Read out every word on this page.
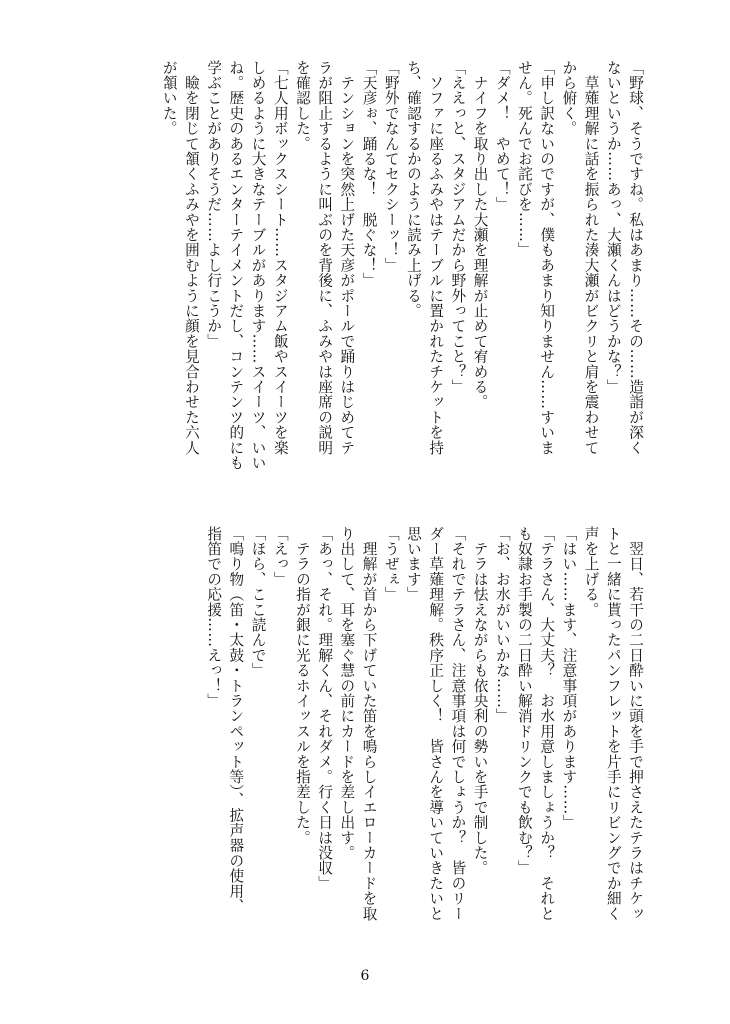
「野球、そうですね。私はあまり……その……造詣が深く
ないというか……あっ、大瀬くんはどうかな？」
　草薙理解に話を振られた湊大瀬がビクリと肩を震わせて
から俯く。
「申し訳ないのですが、僕もあまり知りません……すいま
せん。死んでお詫びを……」
「ダメ！　やめて！」
　ナイフを取り出した大瀬を理解が止めて宥める。
「ええっと、スタジアムだから野外ってこと？」
　ソファに座るふみやはテーブルに置かれたチケットを持
ち、確認するかのように読み上げる。
「野外でなんてセクシーッ！」
「天彦ぉ、踊るな！　脱ぐな！」
　テンションを突然上げた天彦がポールで踊りはじめてテ
ラが阻止するように叫ぶのを背後に、ふみやは座席の説明
を確認した。
「七人用ボックスシート……スタジアム飯やスイーツを楽
しめるように大きなテーブルがあります……スイーツ、いい
ね。歴史のあるエンターテイメントだし、コンテンツ的にも
学ぶことがありそうだ……よし行こうか」
　瞼を閉じて頷くふみやを囲むように顔を見合わせた六人
が頷いた。
　翌日、若干の二日酔いに頭を手で押さえたテラはチケッ
トと一緒に貰ったパンフレットを片手にリビングでか細く
声を上げる。
「はい……ます、注意事項があります……」
「テラさん、大丈夫？　お水用意しましょうか？　それと
も奴隷お手製の二日酔い解消ドリンクでも飲む？」
「お、お水がいいかな……」
　テラは怯えながらも依央利の勢いを手で制した。
「それでテラさん、注意事項は何でしょうか？　皆のリー
ダー草薙理解。秩序正しく！　皆さんを導いていきたいと
思います」
「うぜぇ」
　理解が首から下げていた笛を鳴らしイエローカードを取
り出して、耳を塞ぐ慧の前にカードを差し出す。
「あっ、それ。理解くん、それダメ。行く日は没収」
　テラの指が銀に光るホイッスルを指差した。
「えっ」
「ほら、ここ読んで」
「鳴り物（笛・太鼓・トランペット等）、拡声器の使用、
指笛での応援……えっ！」
6
